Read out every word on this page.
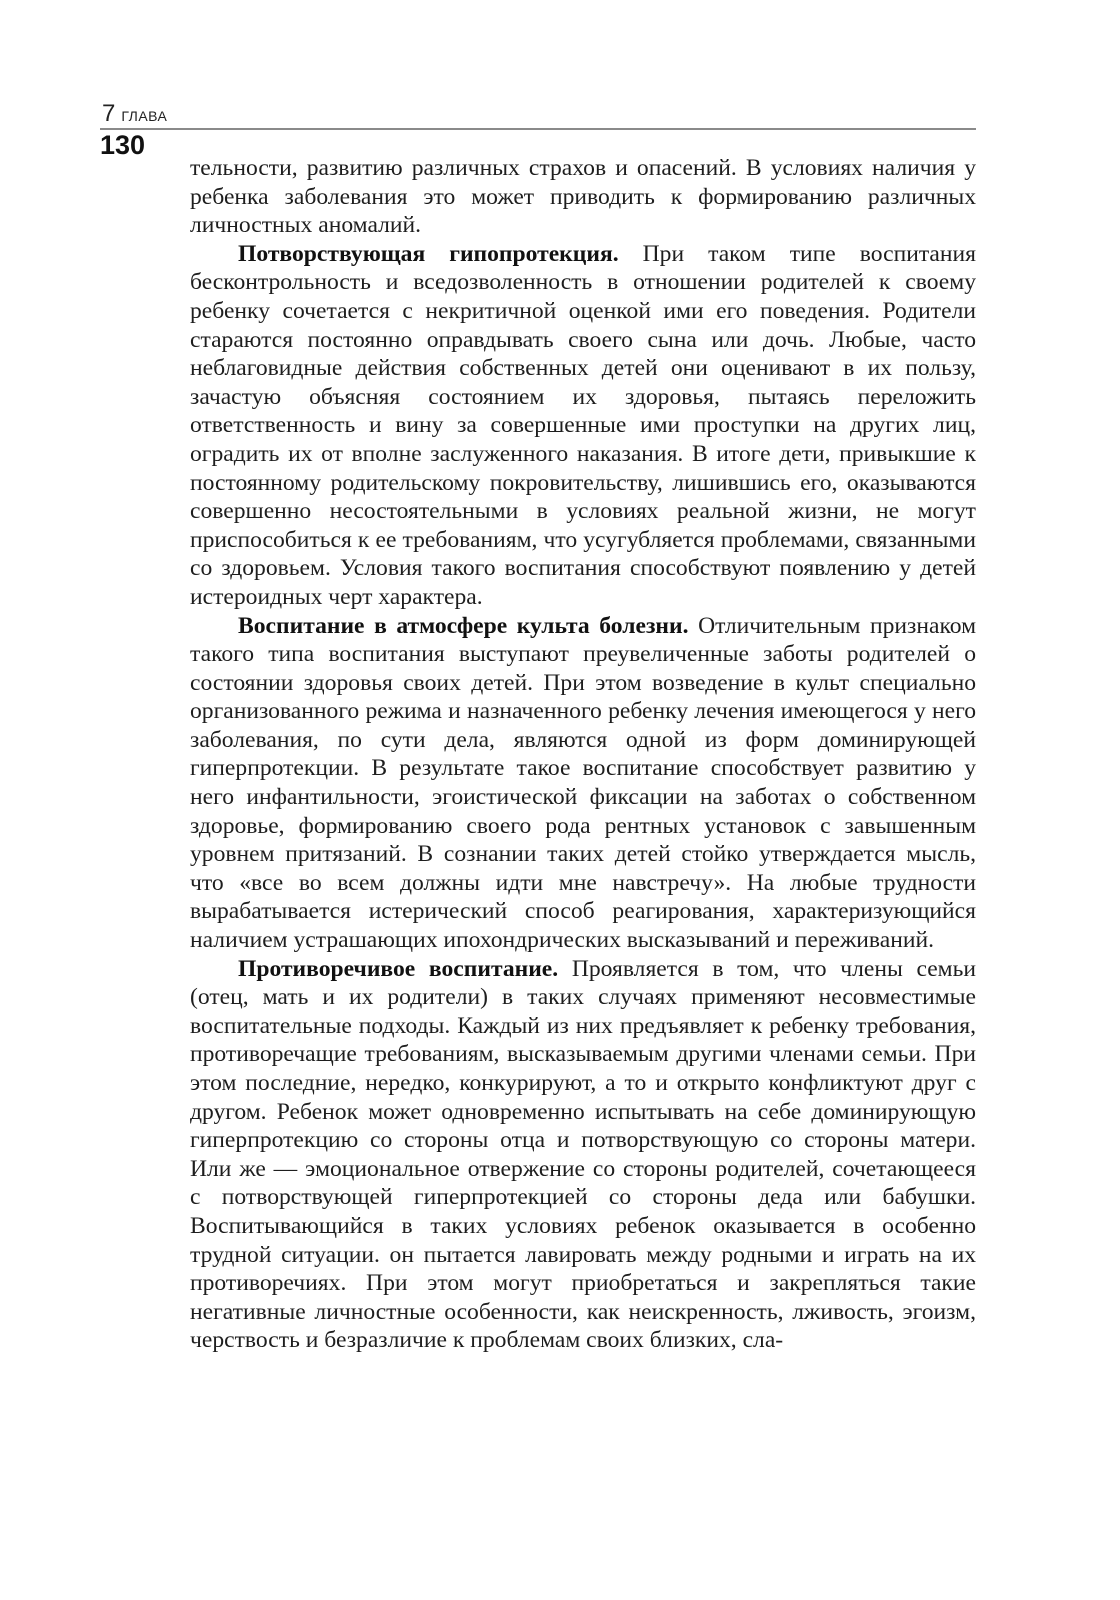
7 ГЛАВА
130

тельности, развитию различных страхов и опасений. В условиях наличия у ребенка заболевания это может приводить к формированию различных личностных аномалий.

Потворствующая гипопротекция. При таком типе воспитания бесконтрольность и вседозволенность в отношении родителей к своему ребенку сочетается с некритичной оценкой ими его поведения. Родители стараются постоянно оправдывать своего сына или дочь. Любые, часто неблаговидные действия собственных детей они оценивают в их пользу, зачастую объясняя состоянием их здоровья, пытаясь переложить ответственность и вину за совершенные ими проступки на других лиц, оградить их от вполне заслуженного наказания. В итоге дети, привыкшие к постоянному родительскому покровительству, лишившись его, оказываются совершенно несостоятельными в условиях реальной жизни, не могут приспособиться к ее требованиям, что усугубляется проблемами, связанными со здоровьем. Условия такого воспитания способствуют появлению у детей истероидных черт характера.

Воспитание в атмосфере культа болезни. Отличительным признаком такого типа воспитания выступают преувеличенные заботы родителей о состоянии здоровья своих детей. При этом возведение в культ специально организованного режима и назначенного ребенку лечения имеющегося у него заболевания, по сути дела, являются одной из форм доминирующей гиперпротекции. В результате такое воспитание способствует развитию у него инфантильности, эгоистической фиксации на заботах о собственном здоровье, формированию своего рода рентных установок с завышенным уровнем притязаний. В сознании таких детей стойко утверждается мысль, что «все во всем должны идти мне навстречу». На любые трудности вырабатывается истерический способ реагирования, характеризующийся наличием устрашающих ипохондрических высказываний и переживаний.

Противоречивое воспитание. Проявляется в том, что члены семьи (отец, мать и их родители) в таких случаях применяют несовместимые воспитательные подходы. Каждый из них предъявляет к ребенку требования, противоречащие требованиям, высказываемым другими членами семьи. При этом последние, нередко, конкурируют, а то и открыто конфликтуют друг с другом. Ребенок может одновременно испытывать на себе доминирующую гиперпротекцию со стороны отца и потворствующую со стороны матери. Или же — эмоциональное отвержение со стороны родителей, сочетающееся с потворствующей гиперпротекцией со стороны деда или бабушки. Воспитывающийся в таких условиях ребенок оказывается в особенно трудной ситуации. он пытается лавировать между родными и играть на их противоречиях. При этом могут приобретаться и закрепляться такие негативные личностные особенности, как неискренность, лживость, эгоизм, черствость и безразличие к проблемам своих близких, сла-
